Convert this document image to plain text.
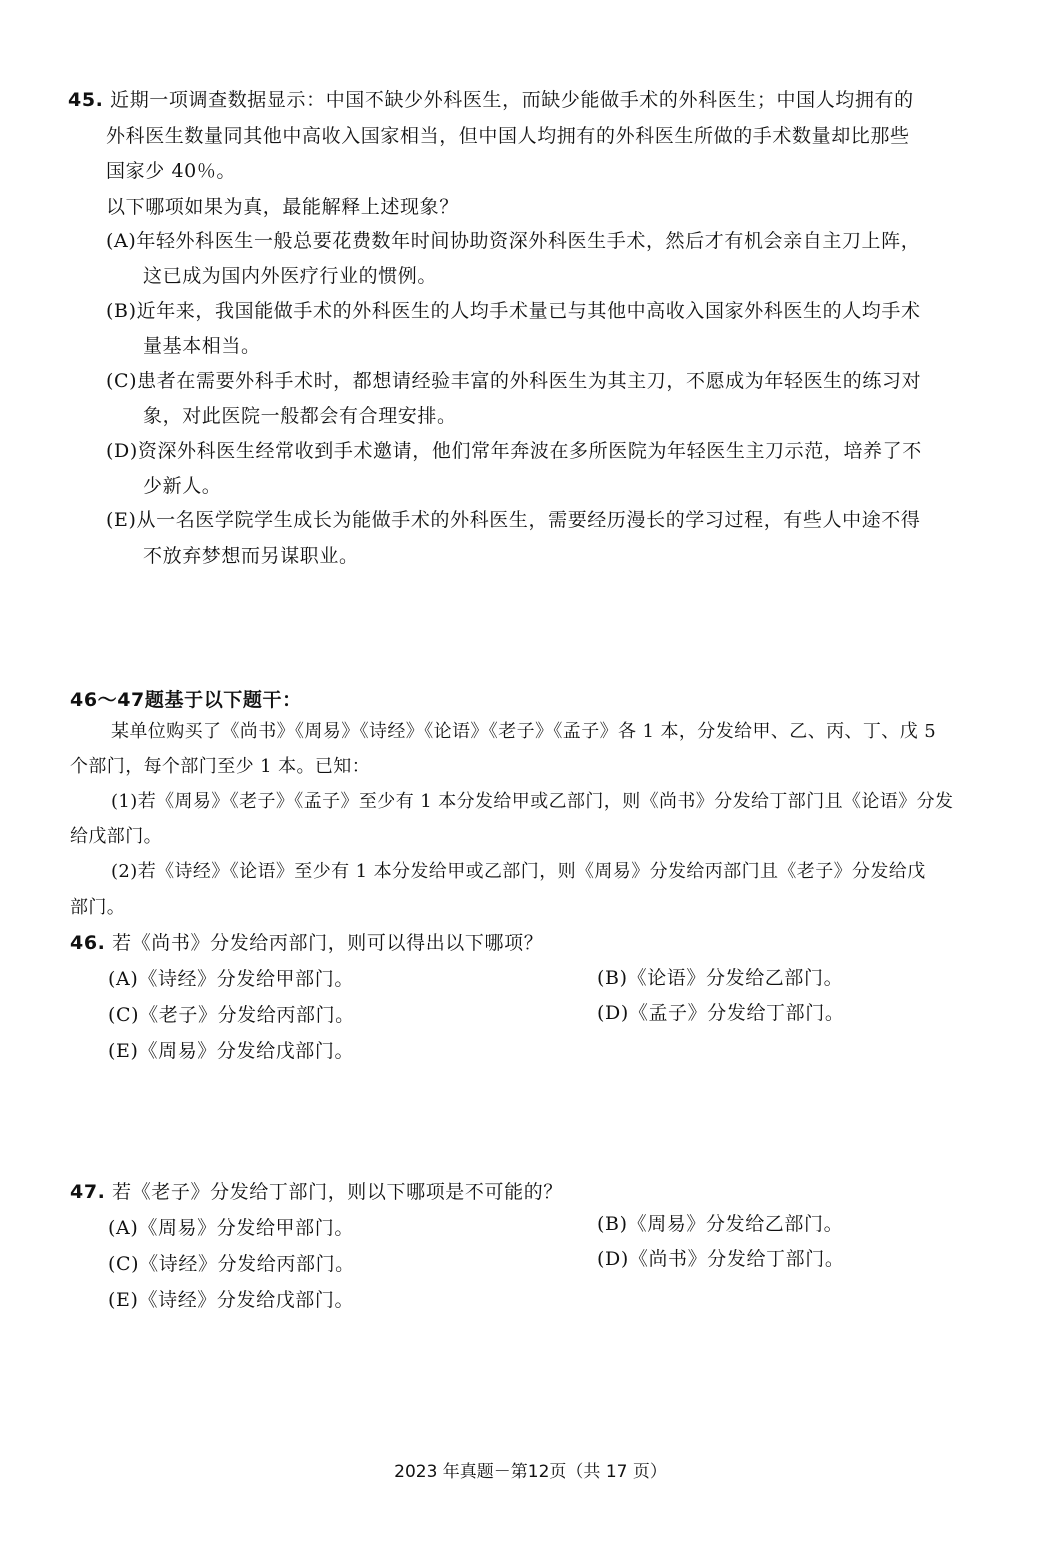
45. 近期一项调查数据显示：中国不缺少外科医生，而缺少能做手术的外科医生；中国人均拥有的
外科医生数量同其他中高收入国家相当，但中国人均拥有的外科医生所做的手术数量却比那些
国家少 40％。
以下哪项如果为真，最能解释上述现象？
(A)年轻外科医生一般总要花费数年时间协助资深外科医生手术，然后才有机会亲自主刀上阵，
这已成为国内外医疗行业的惯例。
(B)近年来，我国能做手术的外科医生的人均手术量已与其他中高收入国家外科医生的人均手术
量基本相当。
(C)患者在需要外科手术时，都想请经验丰富的外科医生为其主刀，不愿成为年轻医生的练习对
象，对此医院一般都会有合理安排。
(D)资深外科医生经常收到手术邀请，他们常年奔波在多所医院为年轻医生主刀示范，培养了不
少新人。
(E)从一名医学院学生成长为能做手术的外科医生，需要经历漫长的学习过程，有些人中途不得
不放弃梦想而另谋职业。
46～47题基于以下题干：
某单位购买了《尚书》《周易》《诗经》《论语》《老子》《孟子》各 1 本，分发给甲、乙、丙、丁、戊 5
个部门，每个部门至少 1 本。已知：
(1)若《周易》《老子》《孟子》至少有 1 本分发给甲或乙部门，则《尚书》分发给丁部门且《论语》分发
给戊部门。
(2)若《诗经》《论语》至少有 1 本分发给甲或乙部门，则《周易》分发给丙部门且《老子》分发给戊
部门。
46. 若《尚书》分发给丙部门，则可以得出以下哪项？
(A)《诗经》分发给甲部门。	(B)《论语》分发给乙部门。
(C)《老子》分发给丙部门。	(D)《孟子》分发给丁部门。
(E)《周易》分发给戊部门。
47. 若《老子》分发给丁部门，则以下哪项是不可能的？
(A)《周易》分发给甲部门。	(B)《周易》分发给乙部门。
(C)《诗经》分发给丙部门。	(D)《尚书》分发给丁部门。
(E)《诗经》分发给戊部门。
2023 年真题－第12页（共 17 页）
